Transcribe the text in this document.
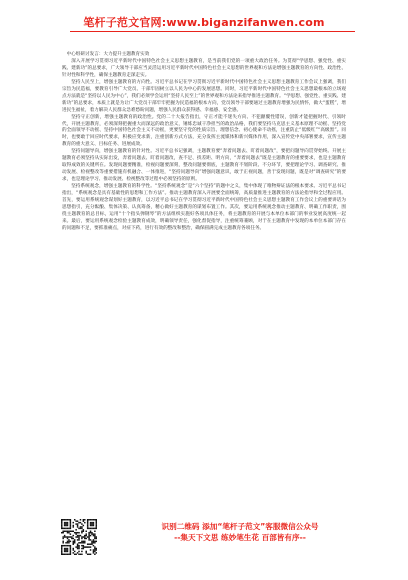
笔杆子范文官网:www.biganzifanwen.com

中心组研讨发言：大力提升主题教育实效

深入开展学习贯彻习近平新时代中国特色社会主义思想主题教育，是当前我们党的一项重大政治任务。为贯彻“学思想、强党性、重实践、建新功”的总要求，广大领导干部应当灵活运用习近平新时代中国特色社会主义思想的世界观和方法论增强主题教育的方向性、政治性、针对性和科学性，确保主题教育走深走实。

坚持人民至上，增强主题教育的方向性。习近平总书记在学习贯彻习近平新时代中国特色社会主义思想主题教育工作会议上强调，我们宗旨为民造福，要教育引导广大党员、干部牢固树立以人民为中心的发展思想。同时，习近平新时代中国特色社会主义思想最根本的立场观点方法就是“坚持以人民为中心”，我们必须学会运用“坚持人民至上”的世界观和方法论来指导推进主题教育。“学思想、强党性、重实践、建新功”的总要求，本质上就是为让广大党员干部牢牢把握为民造福的根本方向，党员领导干部要通过主题教育增强为民情怀，做大“蛋糕”，增进民生福祉，着力解决人民群众急难愁盼问题，增强人民群众获得感、幸福感、安全感。

坚持守正创新，增强主题教育的政治性。党的二十大报告指出，守正才能不迷失方向、不犯颠覆性错误，创新才能把握时代、引领时代，开展主题教育，必须深刻把握重大而深远的政治意义，锤炼忠诚干净担当的政治品格，我们要坚持马克思主义基本原理不动摇、坚持党的全面领导不动摇、坚持中国特色社会主义不动摇，更要坚守党的性质宗旨、理想信念、初心使命不动摇，注重防止“低级红”“高级黑”。同时，也要敢于回应时代要求，积极应变求新，注重创新方式方法，充分发挥主流媒体和新兴媒体作用，深入宣传党中央部署要求，宣传主题教育的重大意义、目标任务、进展成效。

坚持问题导向，增强主题教育的针对性。习近平总书记强调，主题教育要“奔着问题去、盯着问题改”，要把问题导向贯穿始终。开展主题教育必须坚持从实际出发，奔着问题去、盯着问题改，查不足、找差距、明方向，“奔着问题去”既是主题教育的重要要求，也是主题教育取得成效的关键所在。发现问题要精准，检视问题要深刻，整改问题要彻底，主题教育不划阶段、不分环节，要把理论学习、调查研究、推动发展、检视整改等重要措施有机融合、一体推进，“坚持问题导向”增强问题意识，敢于正视问题，善于发现问题，既是对“调查研究”的要求，也是理论学习、推动发展、检视整改等过程中必须坚持的原则。

坚持系统观念，增强主题教育的科学性。“坚持系统观念”是“六个坚持”的题中之义，集中体现了唯物辩证法的根本要求。习近平总书记指出，“系统观念是具有基础性的思想和工作方法”。推动主题教育深入开展要全面统筹，高质量推进主题教育的方法论指导和全过程应用。首先，要运用系统观念谋划好主题教育，以习近平总书记在学习贯彻习近平新时代中国特色社会主义思想主题教育工作会议上的重要讲话为思想指引，充分酝酿、集体决策、认真筹备，精心做好主题教育的谋划布置工作。其次，要运用系统观念推动主题教育、明确工作职责，围绕主题教育的总目标，运用“十个指头弹钢琴”的方法组织实施好各项具体任务，将主题教育的开展与本单位本部门的事业发展高度统一起来。最后，要运用系统观念检验主题教育成效，明确领导责任，强化督促指导，注重统筹兼顾，对于在主题教育中发现的本单位本部门存在的问题和不足，要抓准痛点，对症下药，进行有效的整改和整治，确保圆满完成主题教育各项任务。

识别二维码 添加“笔杆子范文”客服微信公众号
--集天下文思 练妙笔生花 百部皆有序--
